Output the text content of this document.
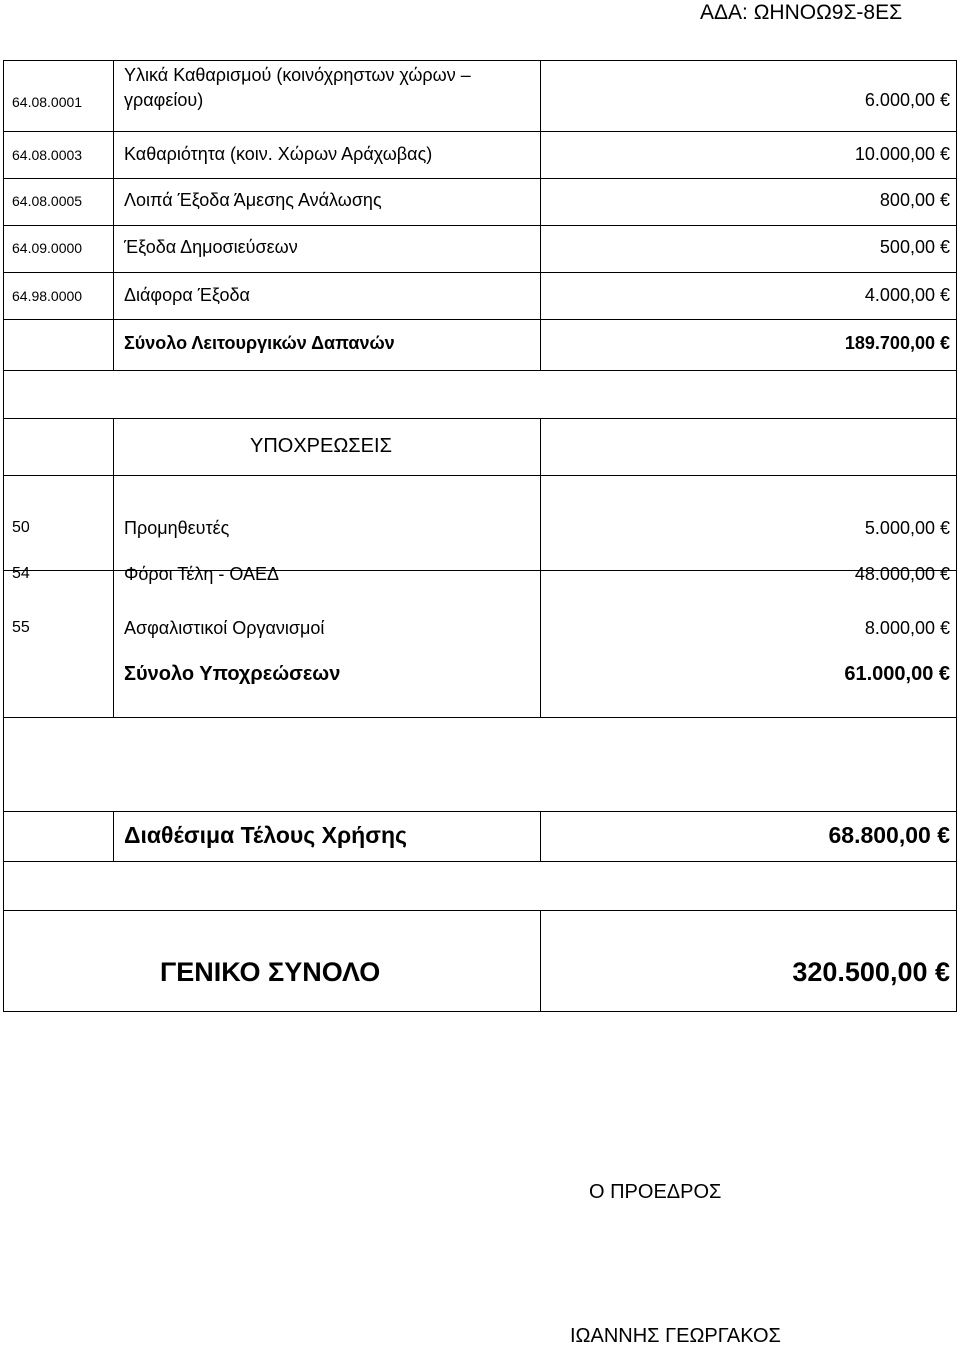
ΑΔΑ: ΩΗΝΟΩ9Σ-8ΕΣ
64.08.0001
Υλικά Καθαρισμού (κοινόχρηστων χώρων –
γραφείου)	6.000,00 €
64.08.0003 Καθαριότητα (κοιν. Χώρων Αράχωβας)	10.000,00 €
64.08.0005 Λοιπά Έξοδα Άμεσης Ανάλωσης	800,00 €
64.09.0000 Έξοδα Δημοσιεύσεων	500,00 €
64.98.0000 Διάφορα Έξοδα	4.000,00 €
Σύνολο Λειτουργικών Δαπανών	189.700,00 €
ΥΠΟΧΡΕΩΣΕΙΣ
50	Προμηθευτές	5.000,00 €
54	Φόροι Τέλη - ΟΑΕΔ	48.000,00 €
55	Ασφαλιστικοί Οργανισμοί	8.000,00 €
Σύνολο Υποχρεώσεων	61.000,00 €
Διαθέσιμα Τέλους Χρήσης	68.800,00 €
ΓΕΝΙΚΟ ΣΥΝΟΛΟ	320.500,00 €
Ο ΠΡΟΕΔΡΟΣ
ΙΩΑΝΝΗΣ ΓΕΩΡΓΑΚΟΣ
